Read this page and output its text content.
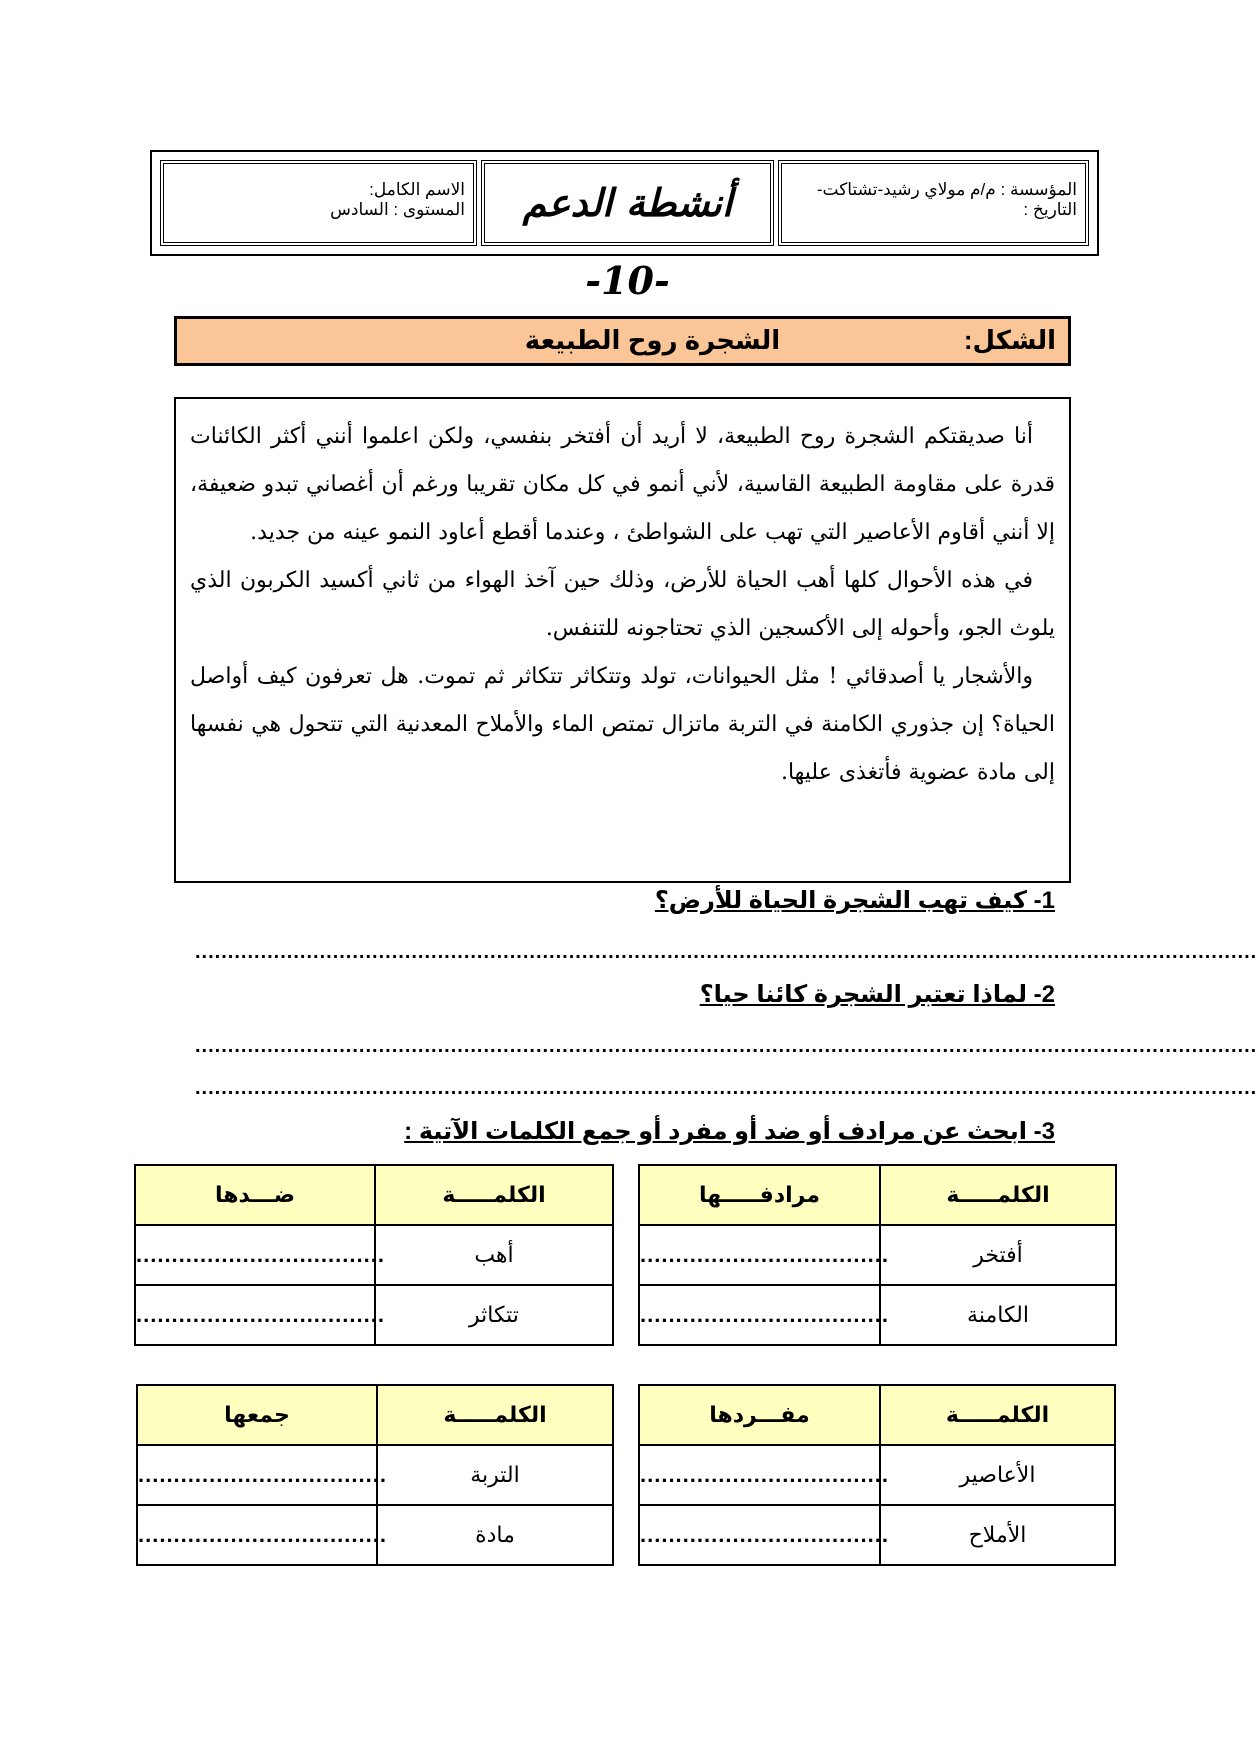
المؤسسة : م/م مولاي رشيد-تشتاكت-
التاريخ :
أنشطة الدعم -10-
الاسم الكامل:
المستوى : السادس
الشكل:
الشجرة روح الطبيعة

أنا صديقتكم الشجرة روح الطبيعة، لا أريد أن أفتخر بنفسي، ولكن اعلموا أنني أكثر الكائنات قدرة على مقاومة الطبيعة القاسية، لأني أنمو في كل مكان تقريبا ورغم أن أغصاني تبدو ضعيفة، إلا أنني أقاوم الأعاصير التي تهب على الشواطئ ، وعندما أقطع أعاود النمو عينه من جديد.

في هذه الأحوال كلها أهب الحياة للأرض، وذلك حين آخذ الهواء من ثاني أكسيد الكربون الذي يلوث الجو، وأحوله إلى الأكسجين الذي تحتاجونه للتنفس.

والأشجار يا أصدقائي ! مثل الحيوانات، تولد وتتكاثر تتكاثر ثم تموت. هل تعرفون كيف أواصل الحياة؟ إن جذوري الكامنة في التربة ماتزال تمتص الماء والأملاح المعدنية التي تتحول هي نفسها إلى مادة عضوية فأتغذى عليها.

1- كيف تهب الشجرة الحياة للأرض؟
..................................................................................................................................................................
2- لماذا تعتبر الشجرة كائنا حيا؟
..................................................................................................................................................................
..................................................................................................................................................................
3- ابحث عن مرادف أو ضد أو مفرد أو جمع الكلمات الآتية :
الكلمـــــة	مرادفـــــها
أفتخر	...................................
الكامنة	...................................
الكلمـــــة	ضـــدها
أهب	...................................
تتكاثر	...................................
الكلمـــــة	مفـــردها
الأعاصير	...................................
الأملاح	...................................
الكلمـــــة	جمعها
التربة	...................................
مادة	...................................
